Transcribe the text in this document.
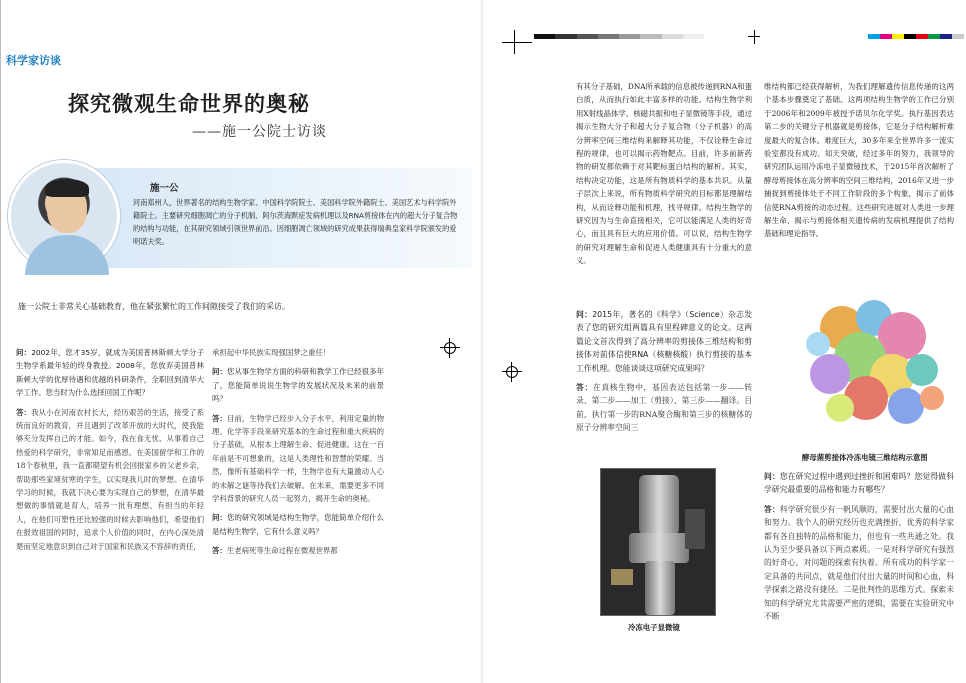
科学家访谈
探究微观生命世界的奥秘
——施一公院士访谈
施一公
河南郑州人，世界著名的结构生物学家、中国科学院院士、美国科学院外籍院士、美国艺术与科学院外籍院士。主要研究细胞凋亡的分子机制、阿尔茨海默症发病机理以及RNA剪接体在内的超大分子复合物的结构与功能，在其研究领域引领世界前沿。因细胞凋亡领域的研究成果获得瑞典皇家科学院颁发的爱明诺夫奖。
施一公院士非常关心基础教育，他在紧张繁忙的工作间隙接受了我们的采访。
问：2002年，您才35岁，就成为美国普林斯顿大学分子生物学系最年轻的终身教授。2008年，您放弃美国普林斯顿大学的优厚待遇和优越的科研条件，全职回到清华大学工作。您当时为什么选择回国工作呢？
答：我从小在河南农村长大，经历艰苦的生活，接受了系统而良好的教育，并且遇到了改革开放的大时代，使我能够充分发挥自己的才能。如今，我在食无忧、从事着自己热爱的科学研究，非常知足而感恩。在美国留学和工作的18个春秋里，我一直都期望有机会回报家乡的父老乡亲，帮助那些家境贫寒的学生，以实现我儿时的梦想。在清华学习的时候，我就下决心要为实现自己的梦想，在清华最想做的事情就是育人，培养一批有理想、有担当的年轻人，在他们可塑性还比较强的时候去影响他们，希望他们在报效祖国的同时，追求个人价值的同时，在内心深处清楚而坚定地意识到自己对于国家和民族又不容辞的责任，
承担起中华民族实现强国梦之重任！
问：您从事生物学方面的科研和教学工作已经很多年了，您能简单说说生物学的发展状况及未来的前景吗？
答：目前，生物学已经步入分子水平，利用定量的物理、化学等手段来研究基本的生命过程和重大疾病的分子基础，从根本上理解生命、促进健康。这在一百年前是不可想象的，这是人类理性和智慧的荣耀。当然，像所有基础科学一样，生物学也有大量激动人心的未解之谜等待我们去破解。在未来，需要更多不同学科背景的研究人员一起努力，揭开生命的奥秘。
问：您的研究领域是结构生物学，您能简单介绍什么是结构生物学，它有什么意义吗？
答：生老病死等生命过程在微观世界都
有其分子基础，DNA所承载的信息被传递到RNA和蛋白质，从而执行如此丰富多样的功能。结构生物学利用X射线晶体学、核磁共振和电子显微镜等手段，通过揭示生物大分子和超大分子复合物（分子机器）的高分辨率空间三维结构来解释其功能，不仅诠释生命过程的规律，也可以揭示药物靶点。目前，许多前新药物的研发都依赖于对其靶标蛋白结构的解析。其实，结构决定功能，这是所有物质科学的基本共识。从量子层次上来说，所有物质科学研究的目标都是理解结构，从而诠释功能和机理，找寻规律。结构生物学的研究因为与生命直接相关，它可以能满足人类的好奇心，而且具有巨大的应用价值。可以说，结构生物学的研究对理解生命和促进人类健康具有十分重大的意义。
问：2015年，著名的《科学》（Science）杂志发表了您的研究组两篇具有里程碑意义的论文。这两篇论文首次得到了高分辨率的剪接体三维结构和剪接体对前体信使RNA（核糖核酸）执行剪接的基本工作机理。您能谈谈这项研究成果吗？
答：在真核生物中，基因表达包括第一步——转录、第二步——加工（剪接）、第三步——翻译。目前，执行第一步的RNA聚合酶和第三步的核糖体的原子分辨率空间三
维结构都已经获得解析，为我们理解遗传信息传递的这两个基本步骤奠定了基础。这两项结构生物学的工作已分别于2006年和2009年被授予诺贝尔化学奖。执行基因表达第二步的关键分子机器就是剪接体，它是分子结构解析难度最大的复合体。难度巨大，30多年来全世界许多一流实验室都没有成功。知天突破，经过多年的努力，我领导的研究团队运用冷冻电子显微镜技术，于2015年首次解析了酵母剪接体在高分辨率的空间三维结构，2016年又进一步捕捉到剪接体处于不同工作阶段的多个构象，揭示了前体信使RNA剪接的动态过程。这些研究进展对人类进一步理解生命、揭示与剪接体相关遗传病的发病机理提供了结构基础和理论指导。
酵母菌剪接体冷冻电镜三维结构示意图
问：您在研究过程中遇到过挫折和困难吗？您觉得做科学研究最重要的品格和能力有哪些？
答：科学研究很少有一帆风顺的，需要付出大量的心血和努力。我个人的研究经历也充满挫折，优秀的科学家都有各自独特的品格和能力，但也有一些共通之处。我认为至少要具备以下两点素质。一是对科学研究有强烈的好奇心，对问题的探索有执着。所有成功的科学家一定具备的共同点，就是他们付出大量的时间和心血，科学探索之路没有捷径。二是批判性的思维方式。探索未知的科学研究尤其需要严密的逻辑，需要在实验研究中不断
冷冻电子显微镜
